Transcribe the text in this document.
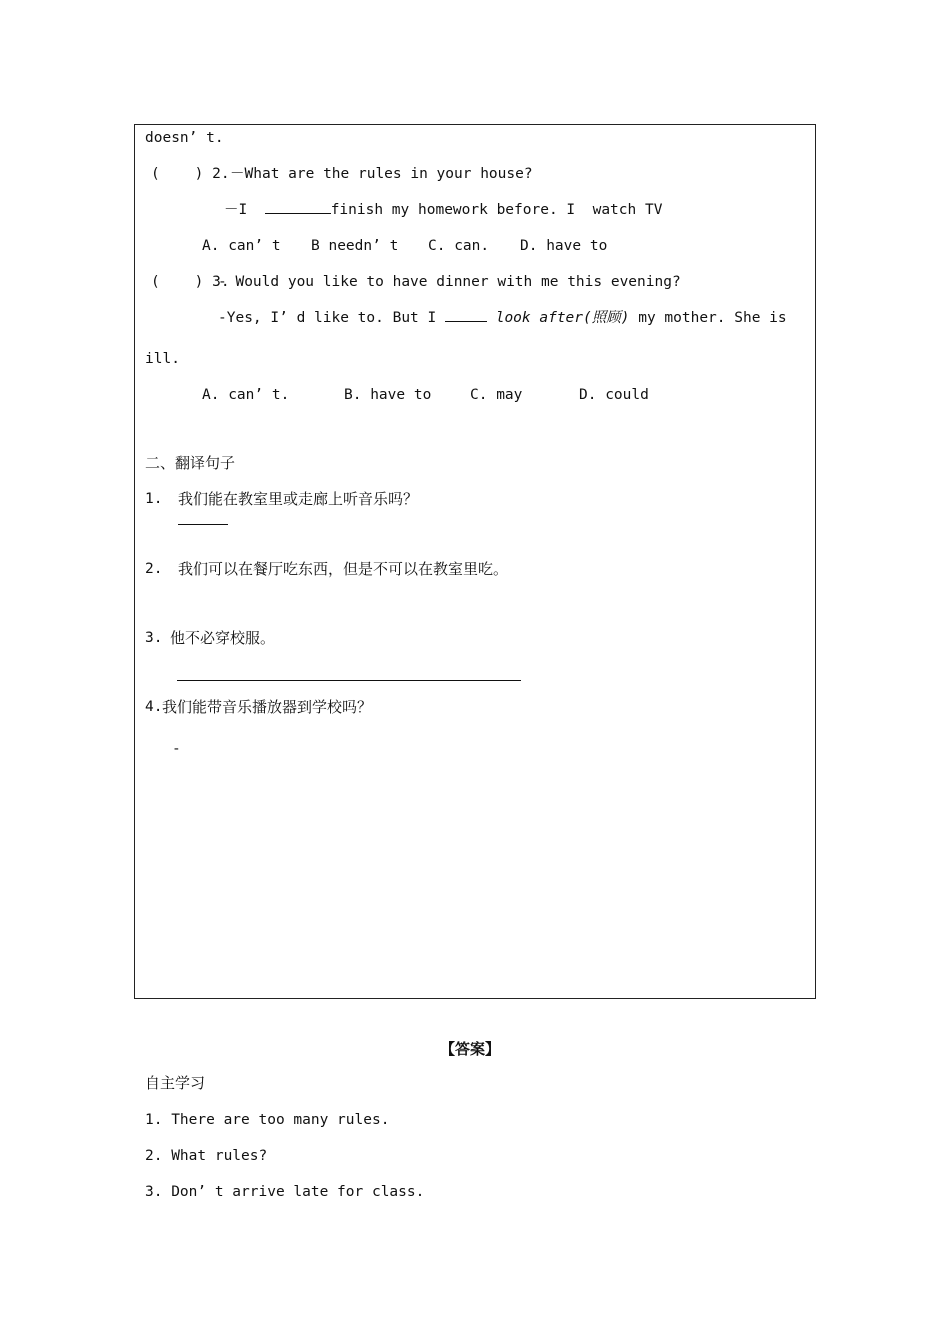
doesn’ t.
(    ) 2. －What are the rules in your house?
－I	finish my homework before. I  watch TV
A. can’ t B needn’ t C. can. D. have to
(    ) 3.
- Would you like to have dinner with me this evening?
-Yes, I’ d like to. But I	look after(照顾) my mother. She is
ill.
A. can’ t.	B. have to	C. may	D. could
二、翻译句子
1. 我们能在教室里或走廊上听音乐吗？
2. 我们可以在餐厅吃东西，但是不可以在教室里吃。
3. 他不必穿校服。
4. 我们能带音乐播放器到学校吗？
-
【答案】
自主学习
1. There are too many rules.
2. What rules?
3. Don’ t arrive late for class.
